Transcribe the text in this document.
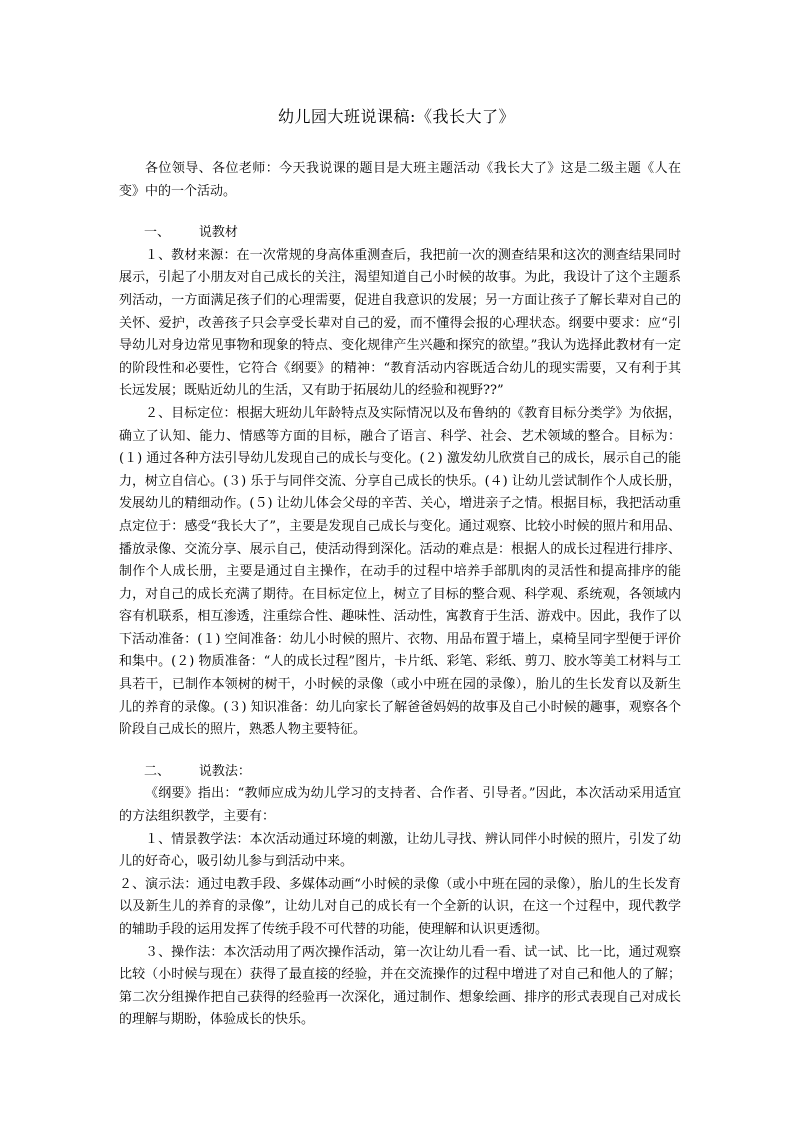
幼儿园大班说课稿:《我长大了》

各位领导、各位老师：今天我说课的题目是大班主题活动《我长大了》这是二级主题《人在变》中的一个活动。

一、       说教材

１、教材来源：在一次常规的身高体重测查后，我把前一次的测查结果和这次的测查结果同时展示，引起了小朋友对自己成长的关注，渴望知道自己小时候的故事。为此，我设计了这个主题系列活动，一方面满足孩子们的心理需要，促进自我意识的发展；另一方面让孩子了解长辈对自己的关怀、爱护，改善孩子只会享受长辈对自己的爱，而不懂得会报的心理状态。纲要中要求：应“引导幼儿对身边常见事物和现象的特点、变化规律产生兴趣和探究的欲望。”我认为选择此教材有一定的阶段性和必要性，它符合《纲要》的精神：“教育活动内容既适合幼儿的现实需要，又有利于其长远发展；既贴近幼儿的生活，又有助于拓展幼儿的经验和视野??”

２、目标定位：根据大班幼儿年龄特点及实际情况以及布鲁纳的《教育目标分类学》为依据，确立了认知、能力、情感等方面的目标，融合了语言、科学、社会、艺术领域的整合。目标为：(１) 通过各种方法引导幼儿发现自己的成长与变化。(２) 激发幼儿欣赏自己的成长，展示自己的能力，树立自信心。(３) 乐于与同伴交流、分享自己成长的快乐。(４) 让幼儿尝试制作个人成长册，发展幼儿的精细动作。(５) 让幼儿体会父母的辛苦、关心，增进亲子之情。根据目标，我把活动重点定位于：感受“我长大了”，主要是发现自己成长与变化。通过观察、比较小时候的照片和用品、播放录像、交流分享、展示自己，使活动得到深化。活动的难点是：根据人的成长过程进行排序、制作个人成长册，主要是通过自主操作，在动手的过程中培养手部肌肉的灵活性和提高排序的能力，对自己的成长充满了期待。在目标定位上，树立了目标的整合观、科学观、系统观，各领域内容有机联系，相互渗透，注重综合性、趣味性、活动性，寓教育于生活、游戏中。因此，我作了以下活动准备：(１) 空间准备：幼儿小时候的照片、衣物、用品布置于墙上，桌椅呈同字型便于评价和集中。(２) 物质准备：“人的成长过程”图片，卡片纸、彩笔、彩纸、剪刀、胶水等美工材料与工具若干，已制作本领树的树干，小时候的录像（或小中班在园的录像），胎儿的生长发育以及新生儿的养育的录像。(３) 知识准备：幼儿向家长了解爸爸妈妈的故事及自己小时候的趣事，观察各个阶段自己成长的照片，熟悉人物主要特征。

二、       说教法：

《纲要》指出：“教师应成为幼儿学习的支持者、合作者、引导者。”因此，本次活动采用适宜的方法组织教学，主要有：

１、情景教学法：本次活动通过环境的刺激，让幼儿寻找、辨认同伴小时候的照片，引发了幼儿的好奇心，吸引幼儿参与到活动中来。

２、演示法：通过电教手段、多媒体动画“小时候的录像（或小中班在园的录像），胎儿的生长发育以及新生儿的养育的录像”，让幼儿对自己的成长有一个全新的认识，在这一个过程中，现代教学的辅助手段的运用发挥了传统手段不可代替的功能，使理解和认识更透彻。

３、操作法：本次活动用了两次操作活动，第一次让幼儿看一看、试一试、比一比，通过观察比较（小时候与现在）获得了最直接的经验，并在交流操作的过程中增进了对自己和他人的了解；第二次分组操作把自己获得的经验再一次深化，通过制作、想象绘画、排序的形式表现自己对成长的理解与期盼，体验成长的快乐。
